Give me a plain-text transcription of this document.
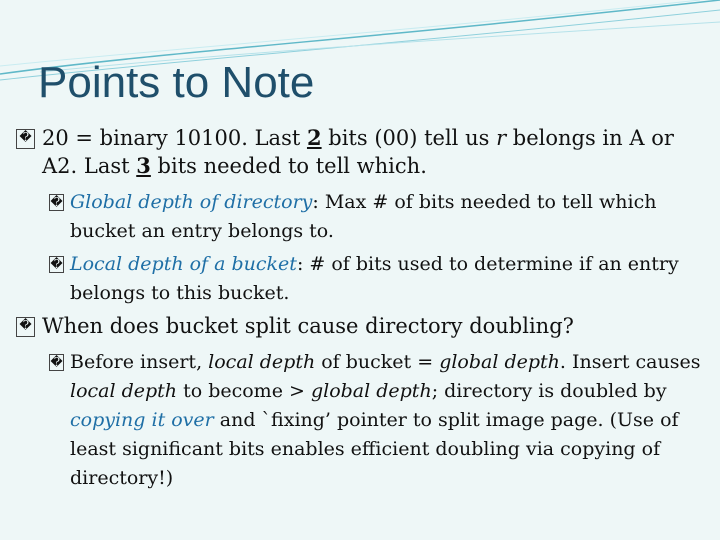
Points to Note
� 20 = binary 10100. Last 2 bits (00) tell us r belongs in A or A2. Last 3 bits needed to tell which.
� Global depth of directory: Max # of bits needed to tell which bucket an entry belongs to.
� Local depth of a bucket: # of bits used to determine if an entry belongs to this bucket.
� When does bucket split cause directory doubling?
� Before insert, local depth of bucket = global depth. Insert causes local depth to become > global depth; directory is doubled by copying it over and `fixing’ pointer to split image page. (Use of least significant bits enables efficient doubling via copying of directory!)
